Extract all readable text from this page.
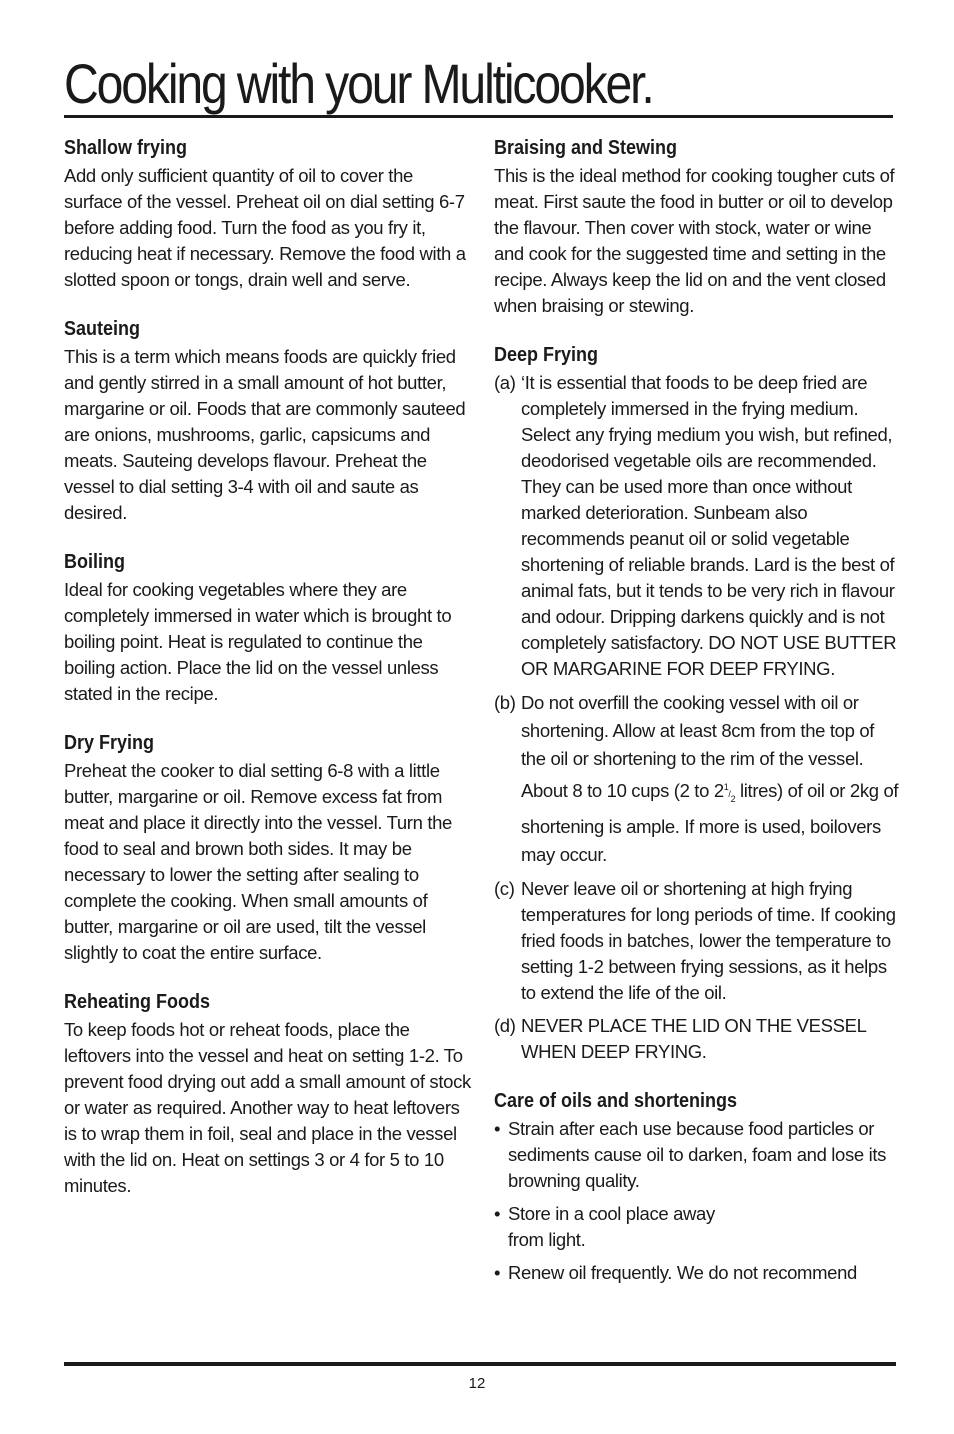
Cooking with your Multicooker.
Shallow frying

Add only sufficient quantity of oil to cover the surface of the vessel. Preheat oil on dial setting 6-7 before adding food. Turn the food as you fry it, reducing heat if necessary. Remove the food with a slotted spoon or tongs, drain well and serve.

Sauteing

This is a term which means foods are quickly fried and gently stirred in a small amount of hot butter, margarine or oil. Foods that are commonly sauteed are onions, mushrooms, garlic, capsicums and meats. Sauteing develops flavour. Preheat the vessel to dial setting 3-4 with oil and saute as desired.

Boiling

Ideal for cooking vegetables where they are completely immersed in water which is brought to boiling point. Heat is regulated to continue the boiling action. Place the lid on the vessel unless stated in the recipe.

Dry Frying

Preheat the cooker to dial setting 6-8 with a little butter, margarine or oil. Remove excess fat from meat and place it directly into the vessel. Turn the food to seal and brown both sides. It may be necessary to lower the setting after sealing to complete the cooking. When small amounts of butter, margarine or oil are used, tilt the vessel slightly to coat the entire surface.

Reheating Foods

To keep foods hot or reheat foods, place the leftovers into the vessel and heat on setting 1-2. To prevent food drying out add a small amount of stock or water as required. Another way to heat leftovers is to wrap them in foil, seal and place in the vessel with the lid on. Heat on settings 3 or 4 for 5 to 10 minutes.

Braising and Stewing

This is the ideal method for cooking tougher cuts of meat. First saute the food in butter or oil to develop the flavour. Then cover with stock, water or wine and cook for the suggested time and setting in the recipe. Always keep the lid on and the vent closed when braising or stewing.

Deep Frying
(a) ‘It is essential that foods to be deep fried are completely immersed in the frying medium. Select any frying medium you wish, but refined, deodorised vegetable oils are recommended. They can be used more than once without marked deterioration. Sunbeam also recommends peanut oil or solid vegetable shortening of reliable brands. Lard is the best of animal fats, but it tends to be very rich in flavour and odour. Dripping darkens quickly and is not completely satisfactory. DO NOT USE BUTTER OR MARGARINE FOR DEEP FRYING.
(b) Do not overfill the cooking vessel with oil or shortening. Allow at least 8cm from the top of the oil or shortening to the rim of the vessel. About 8 to 10 cups (2 to $2^1/_2$ litres) of oil or 2kg of shortening is ample. If more is used, boilovers may occur.
(c) Never leave oil or shortening at high frying temperatures for long periods of time. If cooking fried foods in batches, lower the temperature to setting 1-2 between frying sessions, as it helps to extend the life of the oil.
(d) NEVER PLACE THE LID ON THE VESSEL WHEN DEEP FRYING.
Care of oils and shortenings
• Strain after each use because food particles or sediments cause oil to darken, foam and lose its browning quality.
• Store in a cool place away from light.
• Renew oil frequently. We do not recommend
12
